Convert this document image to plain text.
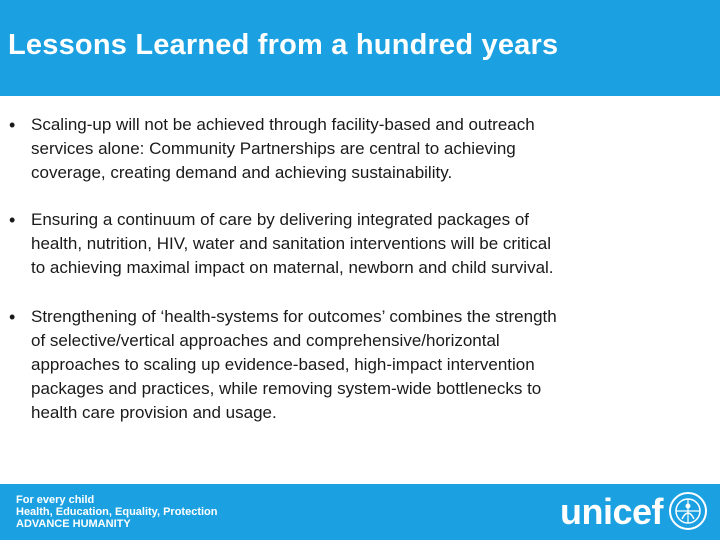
Lessons Learned from a hundred years
• Scaling-up will not be achieved through facility-based and outreach
services alone: Community Partnerships are central to achieving
coverage, creating demand and achieving sustainability.
• Ensuring a continuum of care by delivering integrated packages of
health, nutrition, HIV, water and sanitation interventions will be critical
to achieving maximal impact on maternal, newborn and child survival.
• Strengthening of ‘health-systems for outcomes’ combines the strength
of selective/vertical approaches and comprehensive/horizontal
approaches to scaling up evidence-based, high-impact intervention
packages and practices, while removing system-wide bottlenecks to
health care provision and usage.
For every child
Health, Education, Equality, Protection
ADVANCE HUMANITY	unicef
